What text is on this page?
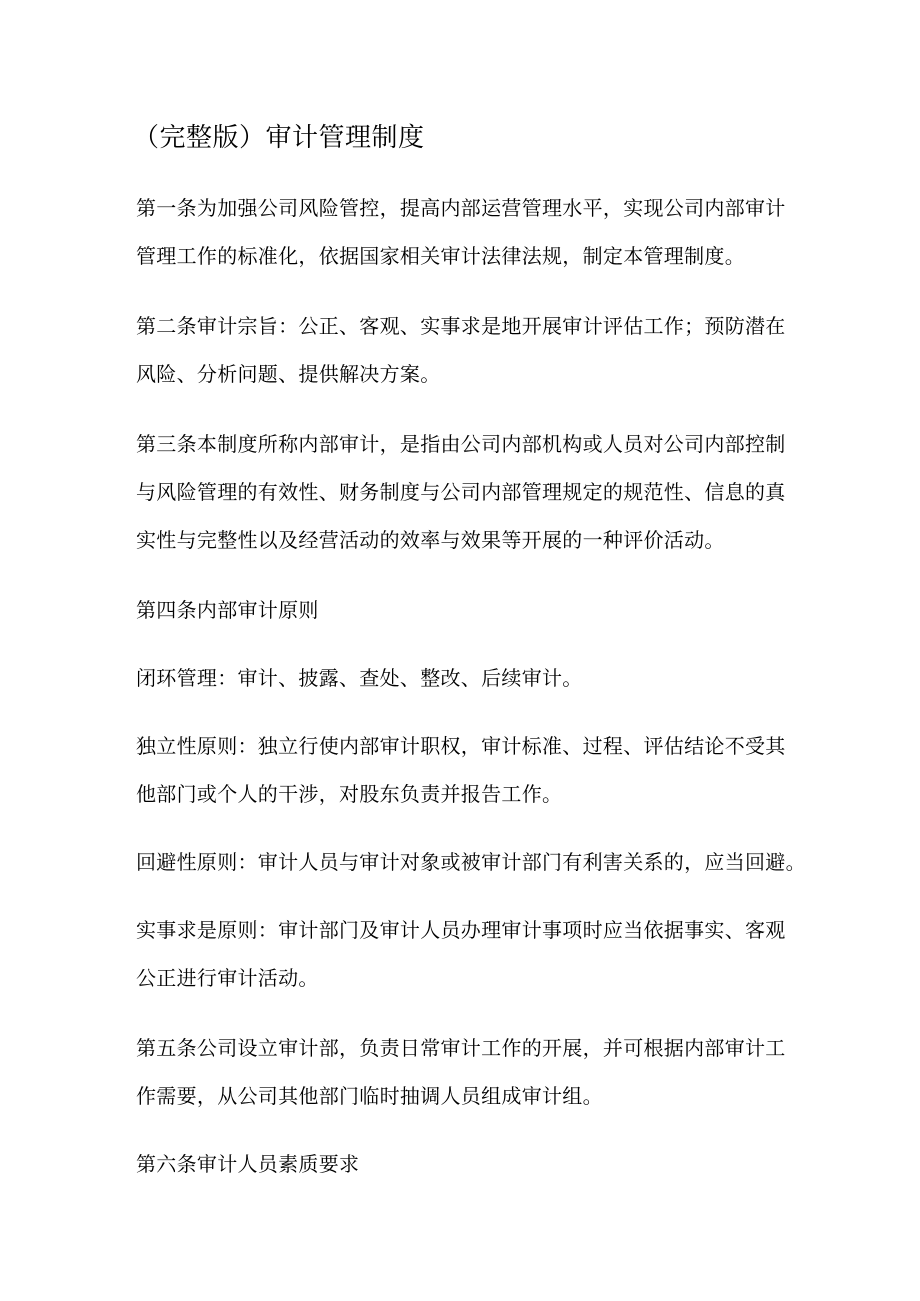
（完整版）审计管理制度

第一条为加强公司风险管控，提高内部运营管理水平，实现公司内部审计
管理工作的标准化，依据国家相关审计法律法规，制定本管理制度。

第二条审计宗旨：公正、客观、实事求是地开展审计评估工作；预防潜在
风险、分析问题、提供解决方案。

第三条本制度所称内部审计，是指由公司内部机构或人员对公司内部控制
与风险管理的有效性、财务制度与公司内部管理规定的规范性、信息的真
实性与完整性以及经营活动的效率与效果等开展的一种评价活动。

第四条内部审计原则

闭环管理：审计、披露、查处、整改、后续审计。

独立性原则：独立行使内部审计职权，审计标准、过程、评估结论不受其
他部门或个人的干涉，对股东负责并报告工作。

回避性原则：审计人员与审计对象或被审计部门有利害关系的，应当回避。

实事求是原则：审计部门及审计人员办理审计事项时应当依据事实、客观
公正进行审计活动。

第五条公司设立审计部，负责日常审计工作的开展，并可根据内部审计工
作需要，从公司其他部门临时抽调人员组成审计组。

第六条审计人员素质要求
